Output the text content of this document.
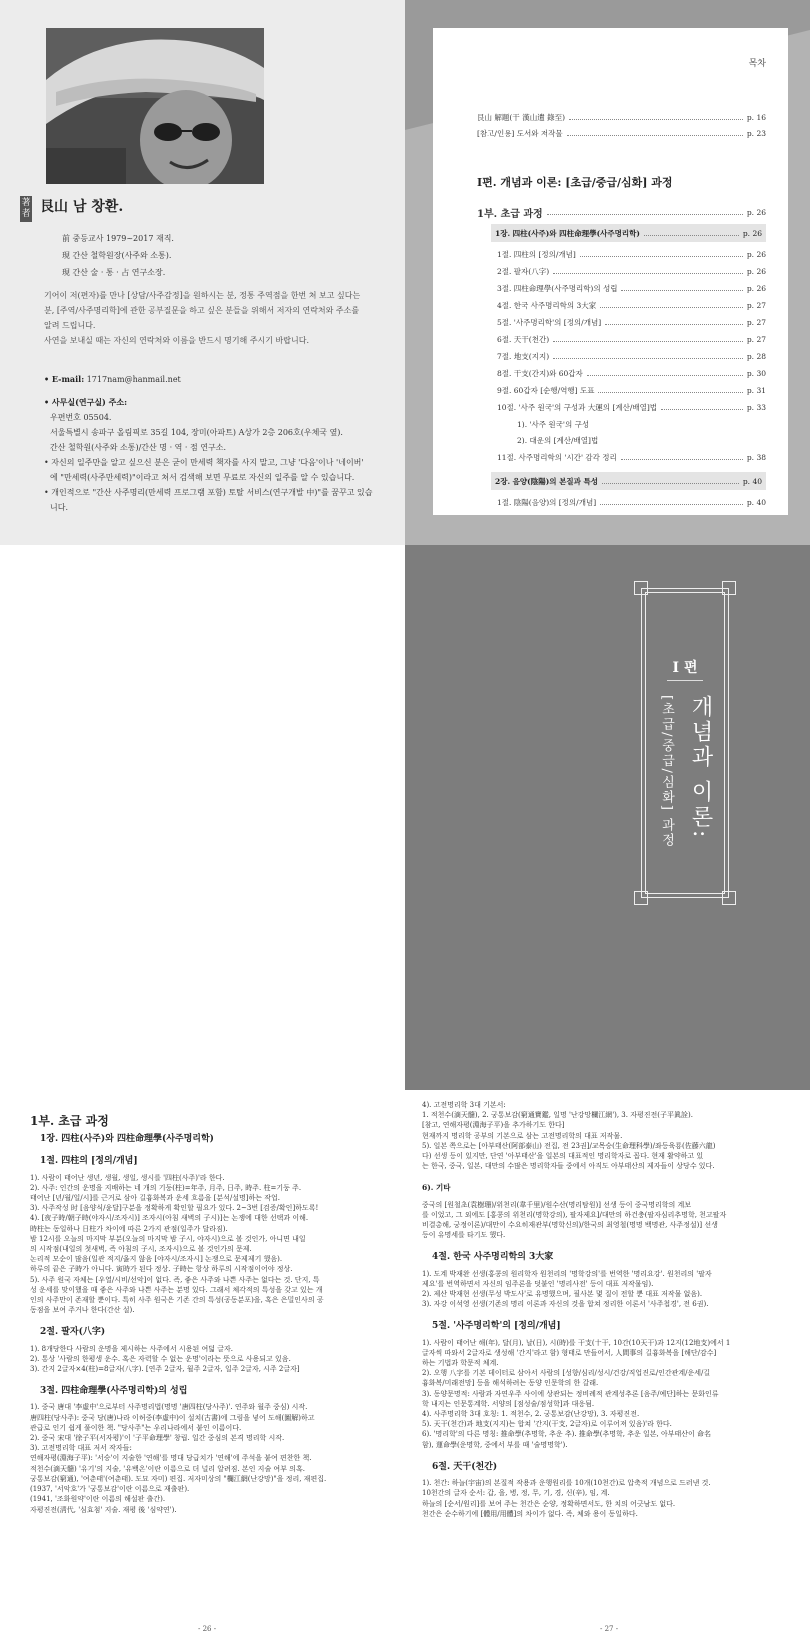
著 者 艮山 남 창환.
前 중등교사 1979~2017 재직.
現 간산 철학원장(사주와 소통).
現 간산 술 · 통 · 占 연구소장.
기어이 저(편자)를 만나 [상담/사주감정]을 원하시는 분, 정통 주역점을 한번 쳐 보고 싶다는
분, [주역/사주명리학]에 관한 공부질문을 하고 싶은 분들을 위해서 저자의 연락처와 주소를
알려 드립니다.
사연을 보내실 때는 자신의 연락처와 이름을 반드시 명기해 주시기 바랍니다.
• E-mail: 1717nam@hanmail.net
• 사무실(연구실) 주소:
우편번호 05504.
서울특별시 송파구 올림픽로 35길 104, 장미(아파트) A상가 2층 206호(우체국 옆).
간산 철학원(사주와 소통)/간산 명 · 역 · 점 연구소.
• 자신의 일주만을 알고 싶으신 분은 굳이 만세력 책자를 사지 말고, 그냥 '다음'이나 '네이버'
에 "만세력(사주만세력)"이라고 쳐서 검색해 보면 무료로 자신의 일주를 알 수 있습니다.
• 개인적으로 "간산 사주명리(만세력 프로그램 포함) 토탈 서비스(연구개발 中)"를 꿈꾸고 있습
니다.
목차
艮山 解題(干 漢山遺 錄至)	p. 16
[참고/인용] 도서와 저작물	p. 23
I편. 개념과 이론: [초급/중급/심화] 과정
1부. 초급 과정	p. 26
1장. 四柱(사주)와 四柱命理學(사주명리학)	p. 26
1절. 四柱의 [정의/개념]	p. 26
2절. 팔자(八字)	p. 26
3절. 四柱命理學(사주명리학)의 성립	p. 26
4절. 한국 사주명리학의 3大家	p. 27
5절. '사주명리학'의 [정의/개념]	p. 27
6절. 天干(천간)	p. 27
7절. 地支(지지)	p. 28
8절. 干支(간지)와 60갑자	p. 30
9절. 60갑자 [순행/역행] 도표	p. 31
10절. '사주 원국'의 구성과 大運의 [계산/배열]법	p. 33
1). '사주 원국'의 구성
2). 대운의 [계산/배열]법
11절. 사주명리학의 '시간' 감각 정리	p. 38
2장. 음양(陰陽)의 본질과 특성	p. 40
1절. 陰陽(음양)의 [정의/개념]	p. 40
I 편
개념과 이론:
[초급/중급/심화] 과정
1부. 초급 과정
1장. 四柱(사주)와 四柱命理學(사주명리학)
1절. 四柱의 [정의/개념]
1). 사람이 태어난 생년, 생월, 생일, 생시를 '四柱(사주)'라 한다.
2). 사주: 인간의 운명을 지배하는 네 개의 기둥(柱)=年주, 月주, 日주, 時주. 柱=기둥 주.
태어난 [년/월/일/시]를 근거로 삼아 길흉화복과 운세 흐름을 [분석/설명]하는 작업.
3). 사주작성 时 [음양식/윤달]구분을 정확하게 확인할 필요가 있다. 2~3번 [검증/확인]하도록!
4). [夜子時/朝子時(야자시/조자시)] 조자시(아침 새벽의 子시)]는 논쟁에 대한 선택과 이해.
時柱는 동일하나 日柱가 차이에 따른 2가지 관점(일주가 달라짐).
밤 12시를 오늘의 마지막 부분(오늘의 마지막 밤 子시, 야자시)으로 볼 것인가, 아니면 내일
의 시작점(내일의 첫새벽, 즉 아침의 子시, 조자시)으로 볼 것인가의 문제.
논리적 모순이 많음(일관 적지/옳지 않음 [야자시/조자시] 논쟁으로 문제제기 했음).
하루의 끝은 子時가 아니다. 寅時가 된다 정상. 子時는 항상 하루의 시작점이어야 정상.
5). 사주 원국 자체는 [우열/시비/선악]이 없다. 즉, 좋은 사주와 나쁜 사주는 없다는 것. 단지, 특
성 운세를 맞이했을 때 좋은 사주와 나쁜 사주는 분명 있다. 그래서 체각적의 특성을 갖고 있는 개
인의 사주만이 존재할 뿐이다. 특히 사주 원국은 기존 간의 특성(공동분포)을, 혹은 은밀인사의 공
동점을 보여 주거나 한다(간산 설).
2절. 팔자(八字)
1). 8개당한다 사람의 운명을 제시하는 사주에서 시용된 여덟 글자.
2). 통상 '사람의 한평생 운수. 혹은 자력할 수 없는 운명'이라는 뜻으로 사용되고 있음.
3). 간지 2글자×4(柱)=8글자(八字). [연주 2글자, 월주 2글자, 일주 2글자, 시주 2글자]
3절. 四柱命理學(사주명리학)의 성립
1). 중국 唐대 '李虛中'으로부터 사주명리법(명명 '唐四柱(당사주)'. 연주와 월주 중심) 시작.
唐四柱(당사주): 중국 당(唐)나라 이허중(李虛中)이 설치(古書)에 그림을 넣어 도해(圖解)하고
관급로 인기 쉽게 풀이한 책. "당사주"는 우리나라에서 붙인 이름이다.
2). 중국 宋대 '徐子平(서자평)'이 '子平命理學' 창립. 일간 중심의 본격 명리학 시작.
3). 고전명리학 대표 저서 작자들:
연해자평(淵海子平): '서승'이 지술한 '연해'를 명대 당급치가 '연해'에 주석을 붙여 편찬한 책.
적천수(滴天髓) '유기'의 지술, '유백온'이란 이름으로 더 널리 알려짐. 본인 지술 여부 의혹.
궁통보감(窮通), '여춘태'(여춘태). 도묘 자미) 편집. 저자미상의 "欄江網(난강망)"을 정리, 재편집.
(1937, '서악호'가 '궁통보감'이란 이름으로 재출판).
(1941, '조화원약'이란 이름의 해설판 출간).
자평진전(淸代, '심효첨' 지술. 재평 後 '심약연').
- 26 -
4). 고전명리학 3대 기본서:
1. 적천수(滴天髓), 2. 궁통보감(窮通寶鑑, 일명 '난강망欄江網'), 3. 자평진전(子平眞詮).
[참고, 연해자평(淵海子平)을 추가하기도 한다]
현재까지 명리학 공부의 기본으로 삼는 고전명리학의 대표 저작물.
5). 일본 쪽으로는 [아부태산(阿部泰山) 전집, 전 23권]/교목승(生命理科學)/좌등육룡(佐藤六龍)
다) 선생 등이 있지만, 단연 '아부태산'을 일본의 대표적인 명리학자로 꼽다. 현재 활약하고 있
는 한국, 중국, 일본, 대만의 수많은 명리학자들 중에서 아직도 아부태산의 제자들이 상당수 있다.
6). 기타
중국의 [원철초(袁樹珊)/위천리(韋千里)/원수산(명리탐원)] 선생 등이 중국명리학의 계보
를 이었고, 그 외에도 [홍콩의 위천리(명학강의), 팔자제요]/대만의 하건충(팔자심리추명학, 천고팔자
비결총해, 궁정이론)/대만이 수요히재관부(명학신의)/한국의 최영철(명명 백명관, 사주정설)] 선생
등이 유명세를 타기도 했다.
4절. 한국 사주명리학의 3大家
1). 도계 박재완 선생(홍콩의 원리학자 원천리의 '명학강의'를 번역한 '명리요강'. 원천리의 '팔자
제요'를 번역하면서 자신의 임주론을 덧붙인 '명리사전' 등이 대표 저작물임).
2). 제산 박재현 선생(무성 박도사'로 유명했으며, 필사본 몇 질이 전할 뿐 대표 저작물 없음).
3). 자강 이석영 선생(기존의 명리 이론과 자신의 것을 합쳐 정리한 이론서 '사주첩경', 전 6권).
5절. '사주명리학'의 [정의/개념]
1). 사람이 태어난 해(年), 달(月), 날(日), 시(時)를 干支(十干, 10간(10天干)과 12지(12地支)에서 1
글자씩 따와서 2글자로 생성해 '간지'라고 함) 형태로 만들어서, 人間事의 길흉화복을 [해단/감수]
하는 기법과 학문적 체계.
2). 오행 八字를 기본 데이터로 삼아서 사람의 [성향/심리/성시/건강/직업진로/인간관계/운세/길
흉화복/미래전망] 등을 해석하려는 동양 인문학의 한 갈래.
3). 동양문명적: 사람과 자연우주 사이에 상관되는 정비례적 관계성추론 [음주/예단]하는 문화인류
학 내지는 인문통계학. 서양의 [점성술/점성학]과 대응됨.
4). 사주명리학 3대 호칭: 1. 적천수, 2. 궁통보감(난강망), 3. 자평진전.
5). 天干(천간)과 地支(지지)는 합쳐 '간지(干支, 2글자)로 이루어져 있음)'라 한다.
6). '명리학'의 다른 명칭: 推命學(추명학, 추운 추). 推命學(추명학, 추운 일본, 아부태산이 命名
함), 運命學(운명학, 중에서 부를 때 '술명명학').
6절. 天干(천간)
1). 천간: 하늘(宇宙)의 본질적 작용과 운행원리를 10개(10천간)로 압축적 개념으로 드러낸 것.
10천간의 글자 순서: 갑, 을, 병, 정, 무, 기, 경, 신(辛), 임, 계.
하늘의 [순서/원리]를 보여 주는 천간은 순양, 정확하면서도, 한 치의 어긋남도 없다.
천간은 순수하기에 [體用/用體]의 차이가 없다. 즉, 체와 용이 동일하다.
- 27 -
